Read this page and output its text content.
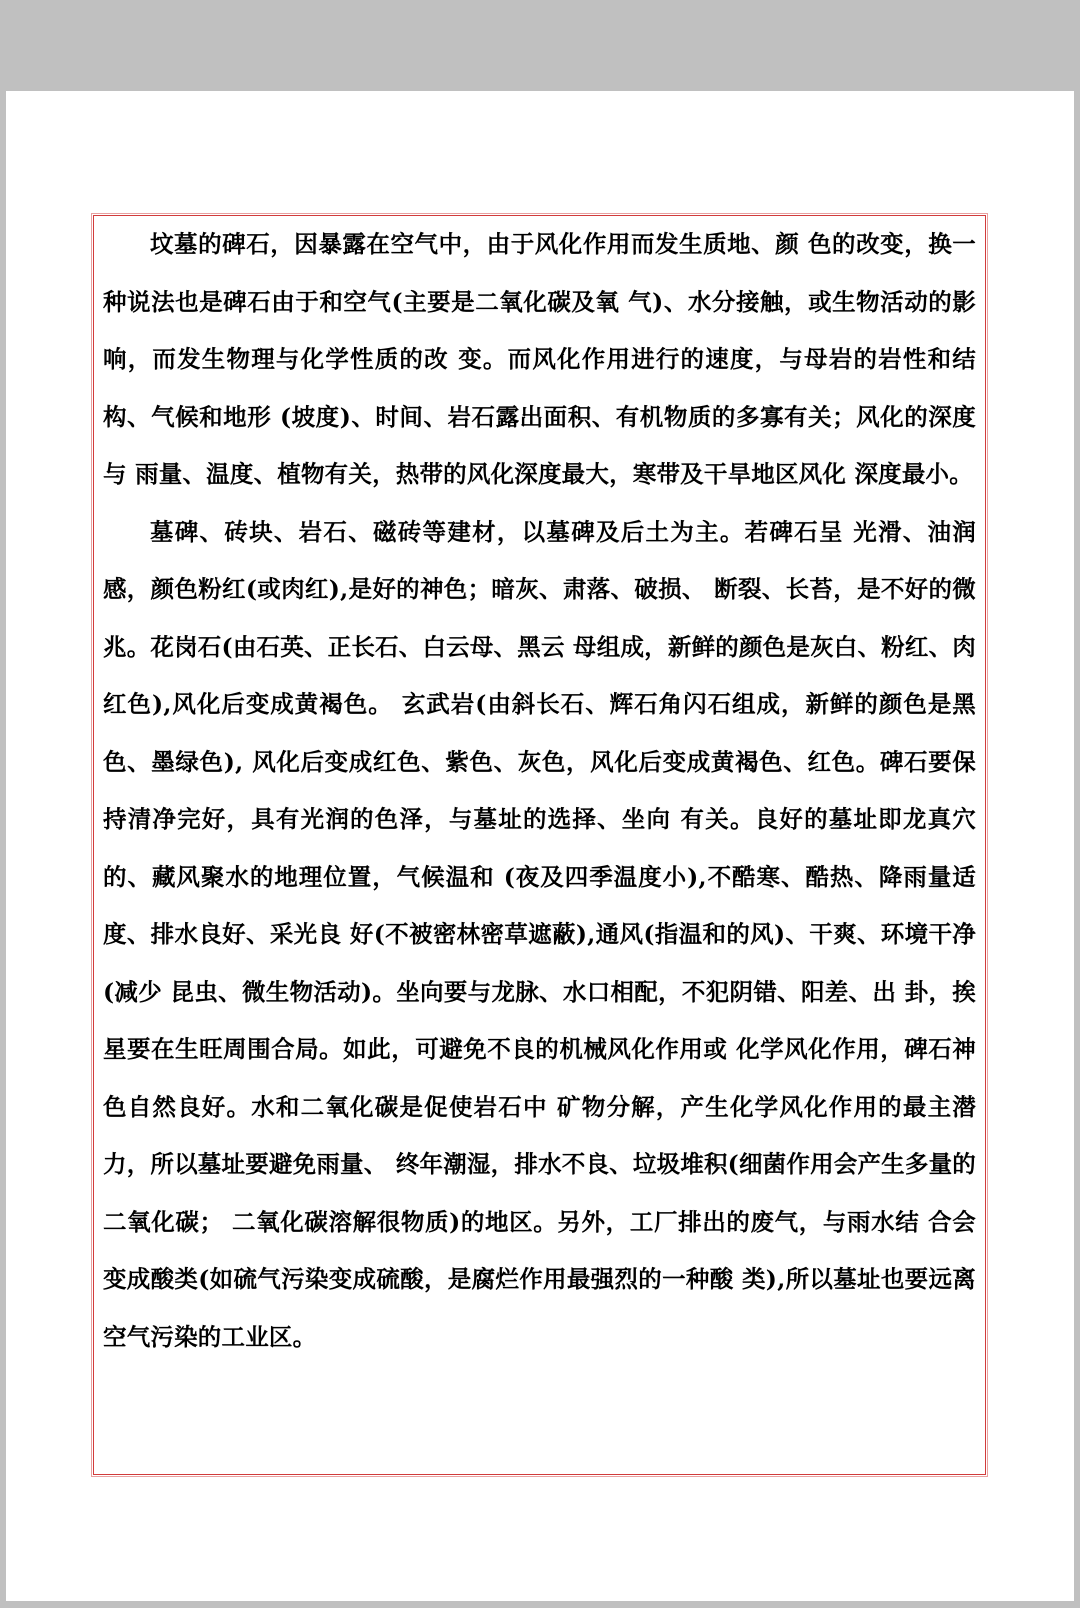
坟墓的碑石，因暴露在空气中，由于风化作用而发生质地、颜 色的改变，换一种说法也是碑石由于和空气(主要是二氧化碳及氧 气)、水分接触，或生物活动的影响，而发生物理与化学性质的改 变。而风化作用进行的速度，与母岩的岩性和结构、气候和地形 (坡度)、时间、岩石露出面积、有机物质的多寡有关；风化的深度与 雨量、温度、植物有关，热带的风化深度最大，寒带及干旱地区风化 深度最小。

墓碑、砖块、岩石、磁砖等建材，以墓碑及后土为主。若碑石呈 光滑、油润感，颜色粉红(或肉红),是好的神色；暗灰、肃落、破损、 断裂、长苔，是不好的微兆。花岗石(由石英、正长石、白云母、黑云 母组成，新鲜的颜色是灰白、粉红、肉红色),风化后变成黄褐色。 玄武岩(由斜长石、辉石角闪石组成，新鲜的颜色是黑色、墨绿色), 风化后变成红色、紫色、灰色，风化后变成黄褐色、红色。碑石要保持清净完好，具有光润的色泽，与墓址的选择、坐向 有关。良好的墓址即龙真穴的、藏风聚水的地理位置，气候温和 (夜及四季温度小),不酷寒、酷热、降雨量适度、排水良好、采光良 好(不被密林密草遮蔽),通风(指温和的风)、干爽、环境干净(减少 昆虫、微生物活动)。坐向要与龙脉、水口相配，不犯阴错、阳差、出 卦，挨星要在生旺周围合局。如此，可避免不良的机械风化作用或 化学风化作用，碑石神色自然良好。水和二氧化碳是促使岩石中 矿物分解，产生化学风化作用的最主潜力，所以墓址要避免雨量、 终年潮湿，排水不良、垃圾堆积(细菌作用会产生多量的二氧化碳； 二氧化碳溶解很物质)的地区。另外，工厂排出的废气，与雨水结 合会变成酸类(如硫气污染变成硫酸，是腐烂作用最强烈的一种酸 类),所以墓址也要远离空气污染的工业区。
